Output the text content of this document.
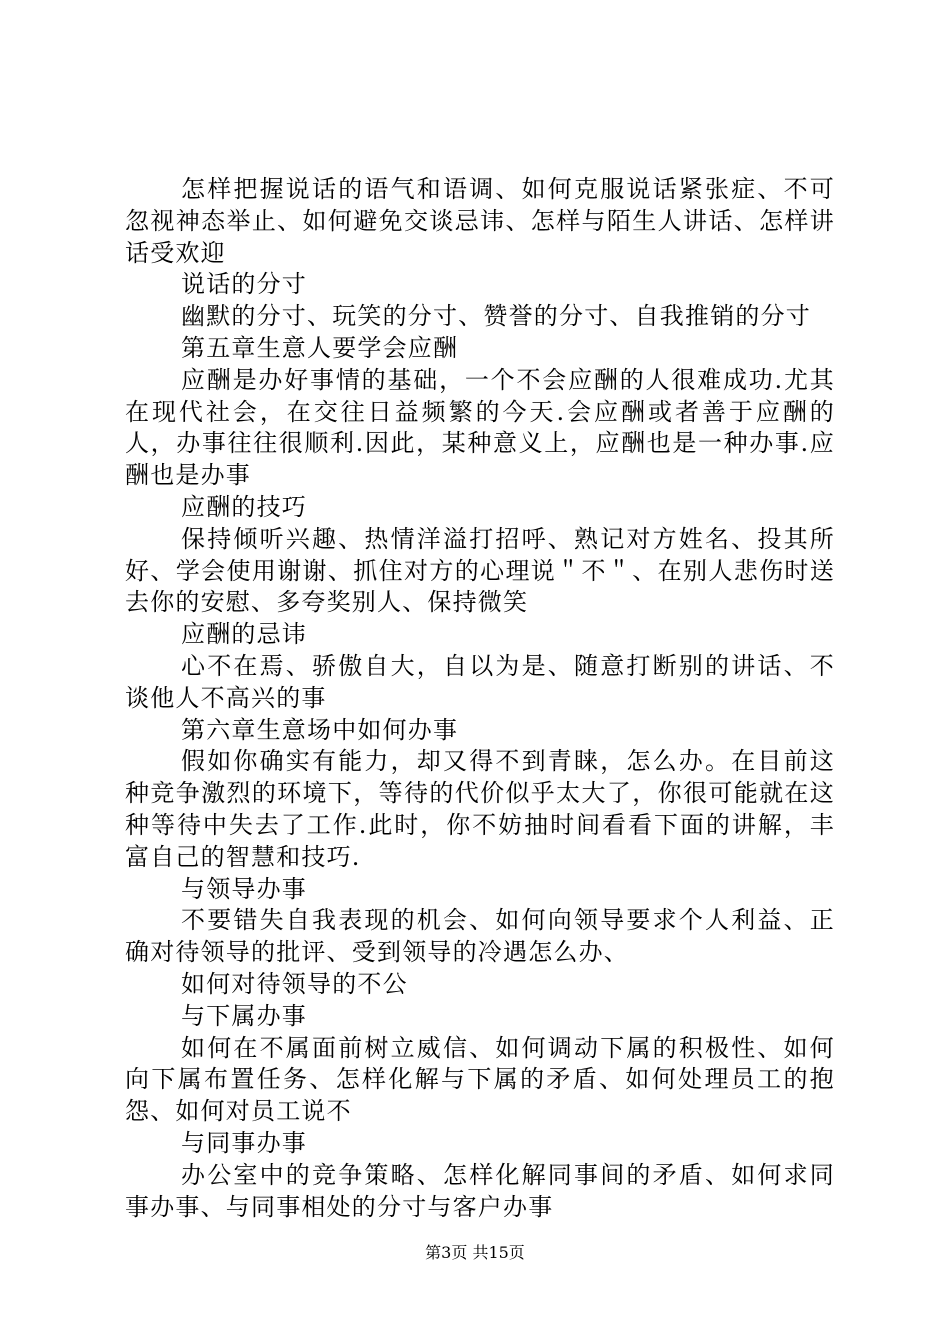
怎样把握说话的语气和语调、如何克服说话紧张症、不可忽视神态举止、如何避免交谈忌讳、怎样与陌生人讲话、怎样讲话受欢迎

说话的分寸

幽默的分寸、玩笑的分寸、赞誉的分寸、自我推销的分寸

第五章生意人要学会应酬

应酬是办好事情的基础，一个不会应酬的人很难成功.尤其在现代社会，在交往日益频繁的今天.会应酬或者善于应酬的人，办事往往很顺利.因此，某种意义上，应酬也是一种办事.应酬也是办事

应酬的技巧

保持倾听兴趣、热情洋溢打招呼、熟记对方姓名、投其所好、学会使用谢谢、抓住对方的心理说＂不＂、在别人悲伤时送去你的安慰、多夸奖别人、保持微笑

应酬的忌讳

心不在焉、骄傲自大，自以为是、随意打断别的讲话、不谈他人不高兴的事

第六章生意场中如何办事

假如你确实有能力，却又得不到青睐，怎么办。在目前这种竞争激烈的环境下，等待的代价似乎太大了，你很可能就在这种等待中失去了工作.此时，你不妨抽时间看看下面的讲解，丰富自己的智慧和技巧.

与领导办事

不要错失自我表现的机会、如何向领导要求个人利益、正确对待领导的批评、受到领导的冷遇怎么办、

如何对待领导的不公

与下属办事

如何在不属面前树立威信、如何调动下属的积极性、如何向下属布置任务、怎样化解与下属的矛盾、如何处理员工的抱怨、如何对员工说不

与同事办事

办公室中的竞争策略、怎样化解同事间的矛盾、如何求同事办事、与同事相处的分寸与客户办事

第3页 共15页
